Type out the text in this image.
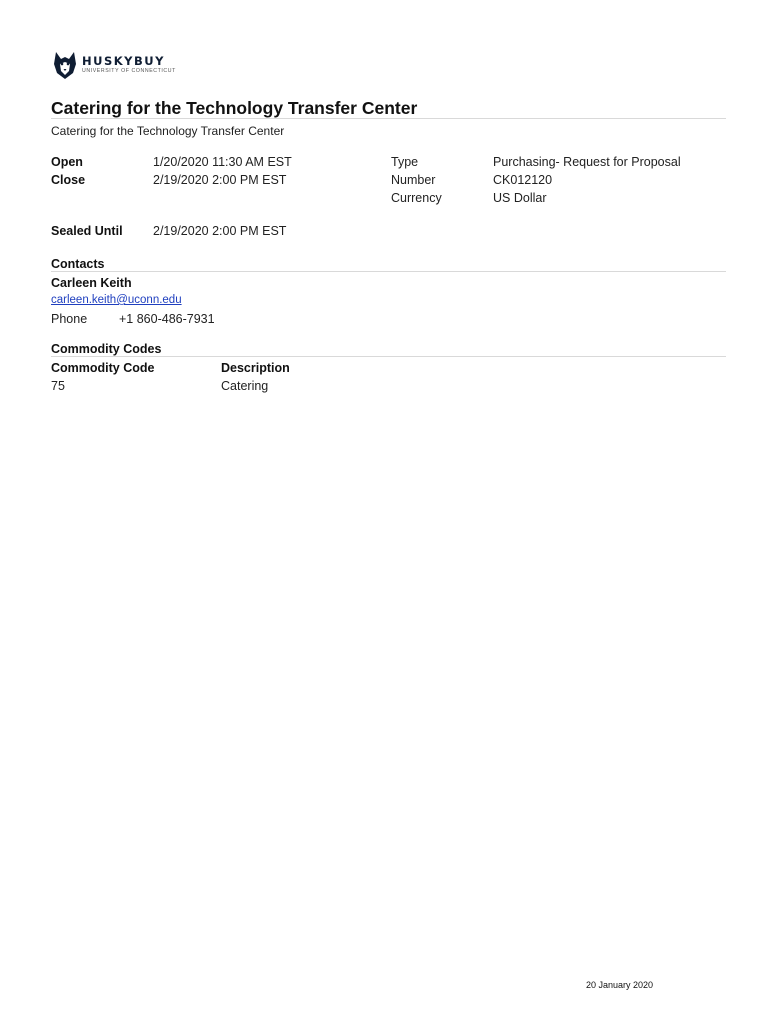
HUSKYBUY
UNIVERSITY OF CONNECTICUT
Catering for the Technology Transfer Center
Catering for the Technology Transfer Center
Open	1/20/2020 11:30 AM EST
Close	2/19/2020 2:00 PM EST
Type	Purchasing- Request for Proposal
Number	CK012120
Currency	US Dollar
Sealed Until 2/19/2020 2:00 PM EST
Contacts
Carleen Keith
carleen.keith@uconn.edu
Phone	+1 860-486-7931
Commodity Codes
Commodity Code	Description
75	Catering
20 January 2020
